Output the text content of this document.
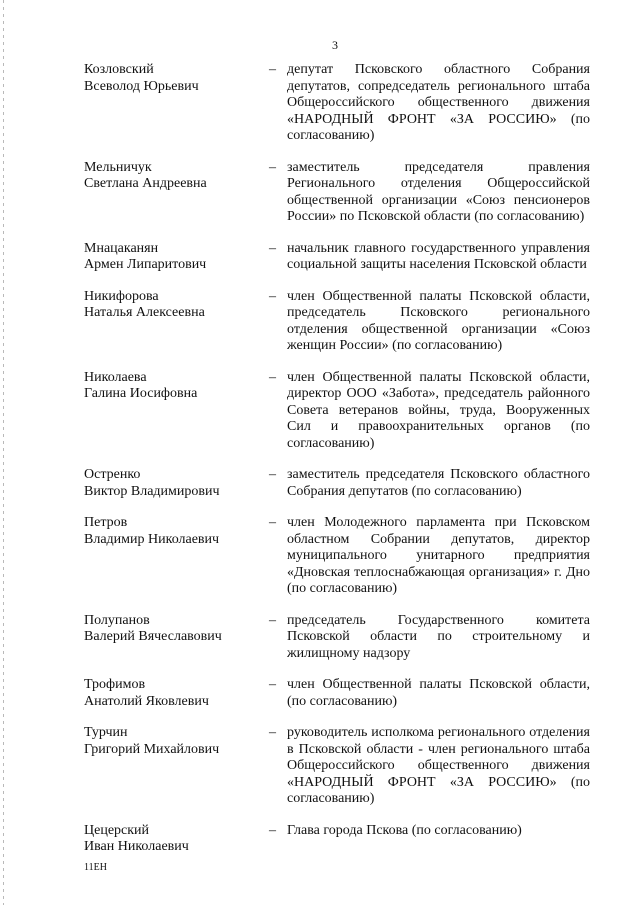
3
Козловский
Всеволод Юрьевич
– депутат Псковского областного Собрания депутатов, сопредседатель регионального штаба Общероссийского общественного движения «НАРОДНЫЙ ФРОНТ «ЗА РОССИЮ» (по согласованию)
Мельничук
Светлана Андреевна
– заместитель председателя правления Регионального отделения Общероссийской общественной организации «Союз пенсионеров России» по Псковской области (по согласованию)
Мнацаканян
Армен Липаритович
– начальник главного государственного управления социальной защиты населения Псковской области
Никифорова
Наталья Алексеевна
– член Общественной палаты Псковской области, председатель Псковского регионального отделения общественной организации «Союз женщин России» (по согласованию)
Николаева
Галина Иосифовна
– член Общественной палаты Псковской области, директор ООО «Забота», председатель районного Совета ветеранов войны, труда, Вооруженных Сил и правоохранительных органов (по согласованию)
Остренко
Виктор Владимирович
– заместитель председателя Псковского областного Собрания депутатов (по согласованию)
Петров
Владимир Николаевич
– член Молодежного парламента при Псковском областном Собрании депутатов, директор муниципального унитарного предприятия «Дновская теплоснабжающая организация» г. Дно (по согласованию)
Полупанов
Валерий Вячеславович
– председатель Государственного комитета Псковской области по строительному и жилищному надзору
Трофимов
Анатолий Яковлевич
– член Общественной палаты Псковской области, (по согласованию)
Турчин
Григорий Михайлович
– руководитель исполкома регионального отделения в Псковской области - член регионального штаба Общероссийского общественного движения «НАРОДНЫЙ ФРОНТ «ЗА РОССИЮ» (по согласованию)
Цецерский
Иван Николаевич
– Глава города Пскова (по согласованию)
11ЕН
